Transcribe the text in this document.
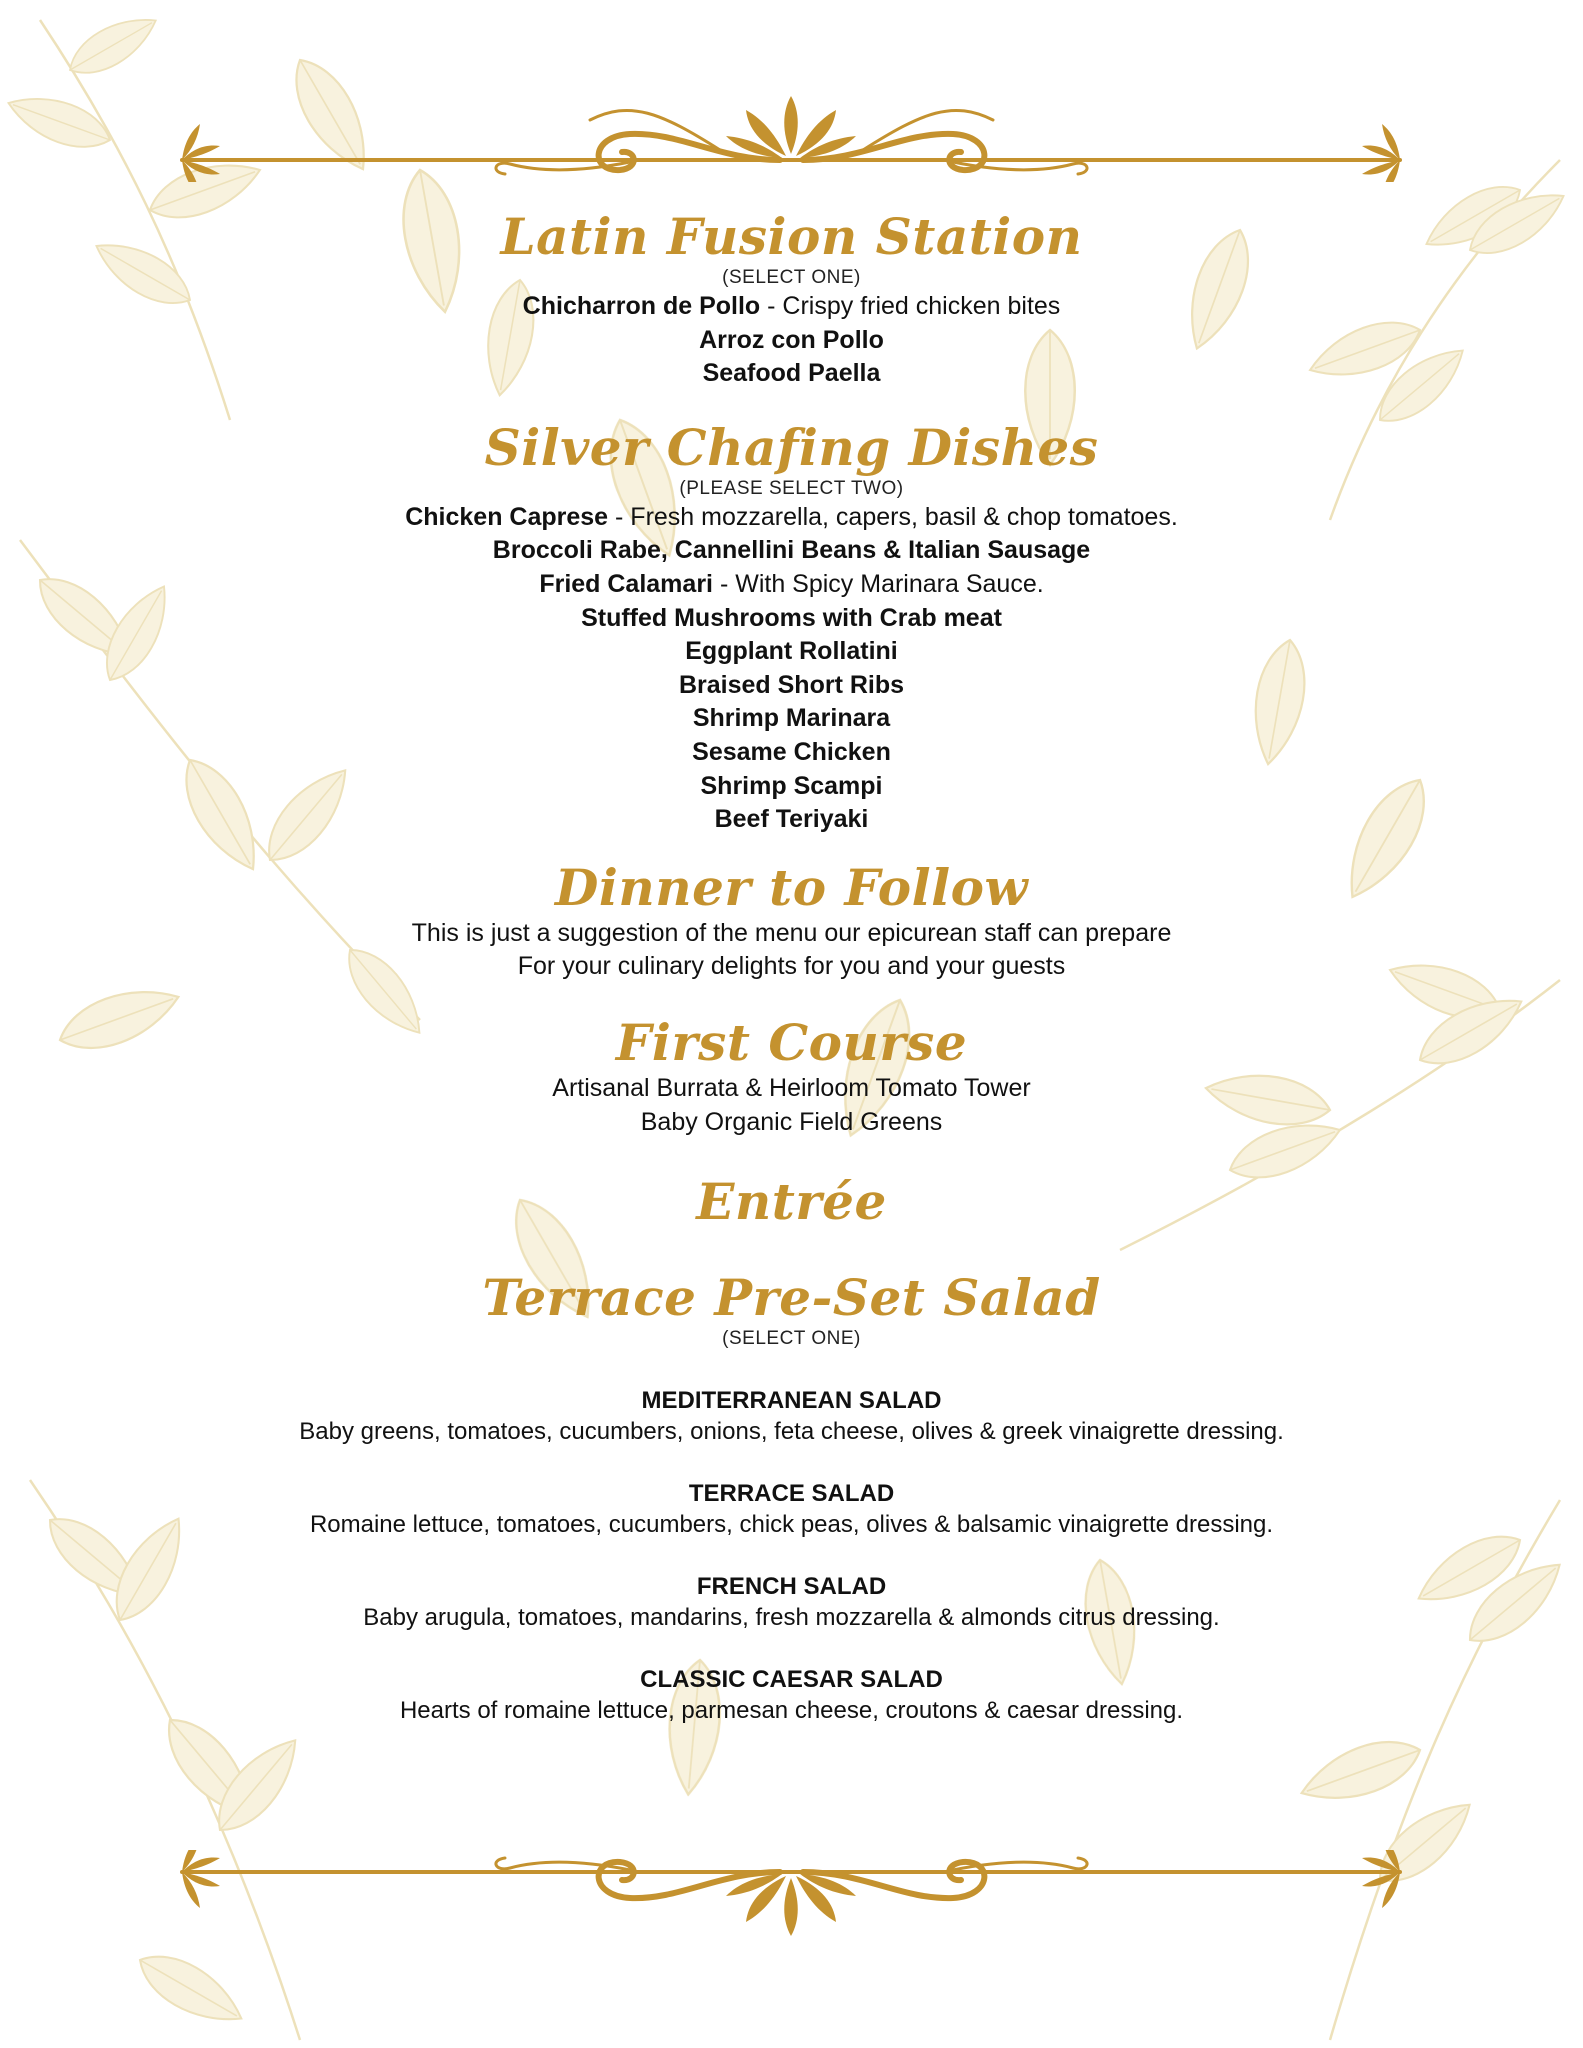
Latin Fusion Station
(SELECT ONE)
Chicharron de Pollo - Crispy fried chicken bites
Arroz con Pollo
Seafood Paella
Silver Chafing Dishes
(PLEASE SELECT TWO)
Chicken Caprese - Fresh mozzarella, capers, basil & chop tomatoes.
Broccoli Rabe, Cannellini Beans & Italian Sausage
Fried Calamari - With Spicy Marinara Sauce.
Stuffed Mushrooms with Crab meat
Eggplant Rollatini
Braised Short Ribs
Shrimp Marinara
Sesame Chicken
Shrimp Scampi
Beef Teriyaki
Dinner to Follow
This is just a suggestion of the menu our epicurean staff can prepare
For your culinary delights for you and your guests
First Course
Artisanal Burrata & Heirloom Tomato Tower
Baby Organic Field Greens
Entrée
Terrace Pre-Set Salad
(SELECT ONE)
MEDITERRANEAN SALAD
Baby greens, tomatoes, cucumbers, onions, feta cheese, olives & greek vinaigrette dressing.
TERRACE SALAD
Romaine lettuce, tomatoes, cucumbers, chick peas, olives & balsamic vinaigrette dressing.
FRENCH SALAD
Baby arugula, tomatoes, mandarins, fresh mozzarella & almonds citrus dressing.
CLASSIC CAESAR SALAD
Hearts of romaine lettuce, parmesan cheese, croutons & caesar dressing.
